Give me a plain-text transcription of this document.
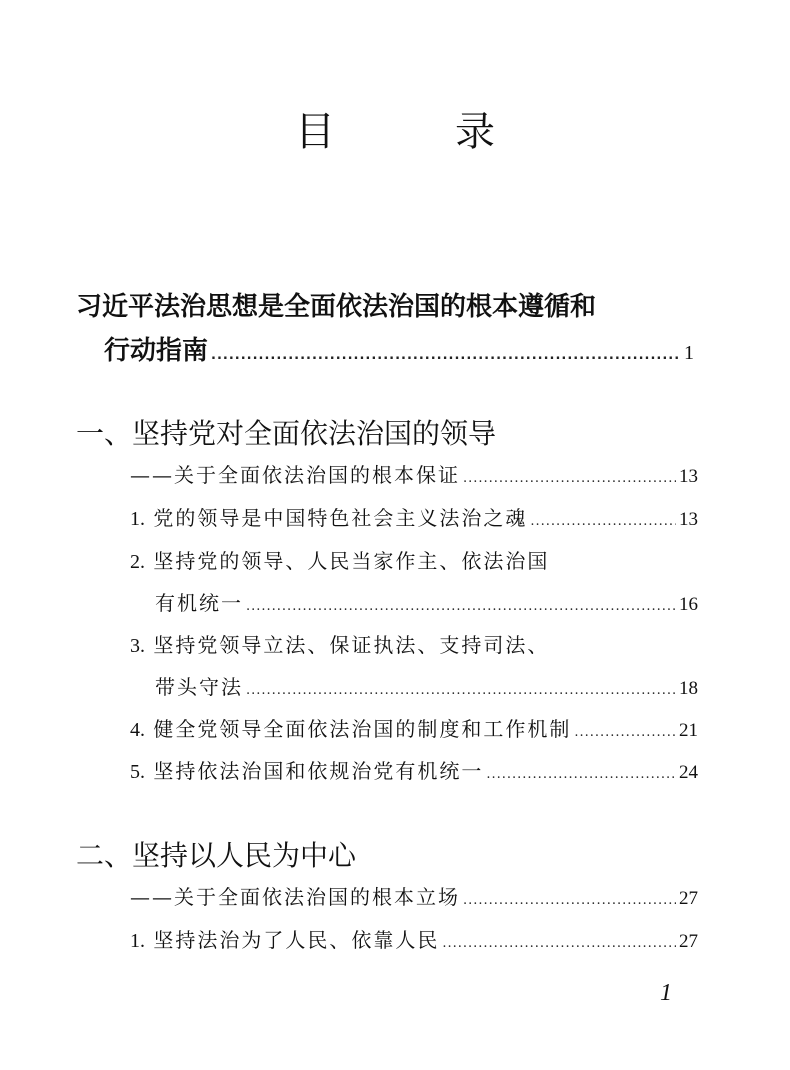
目　录
习近平法治思想是全面依法治国的根本遵循和
行动指南 .....	1
一、坚持党对全面依法治国的领导
——关于全面依法治国的根本保证 .....	13
1. 党的领导是中国特色社会主义法治之魂 .....	13
2. 坚持党的领导、人民当家作主、依法治国
有机统一 .....	16
3. 坚持党领导立法、保证执法、支持司法、
带头守法 .....	18
4. 健全党领导全面依法治国的制度和工作机制 .....	21
5. 坚持依法治国和依规治党有机统一 .....	24
二、坚持以人民为中心
——关于全面依法治国的根本立场 .....	27
1. 坚持法治为了人民、依靠人民 .....	27
1
